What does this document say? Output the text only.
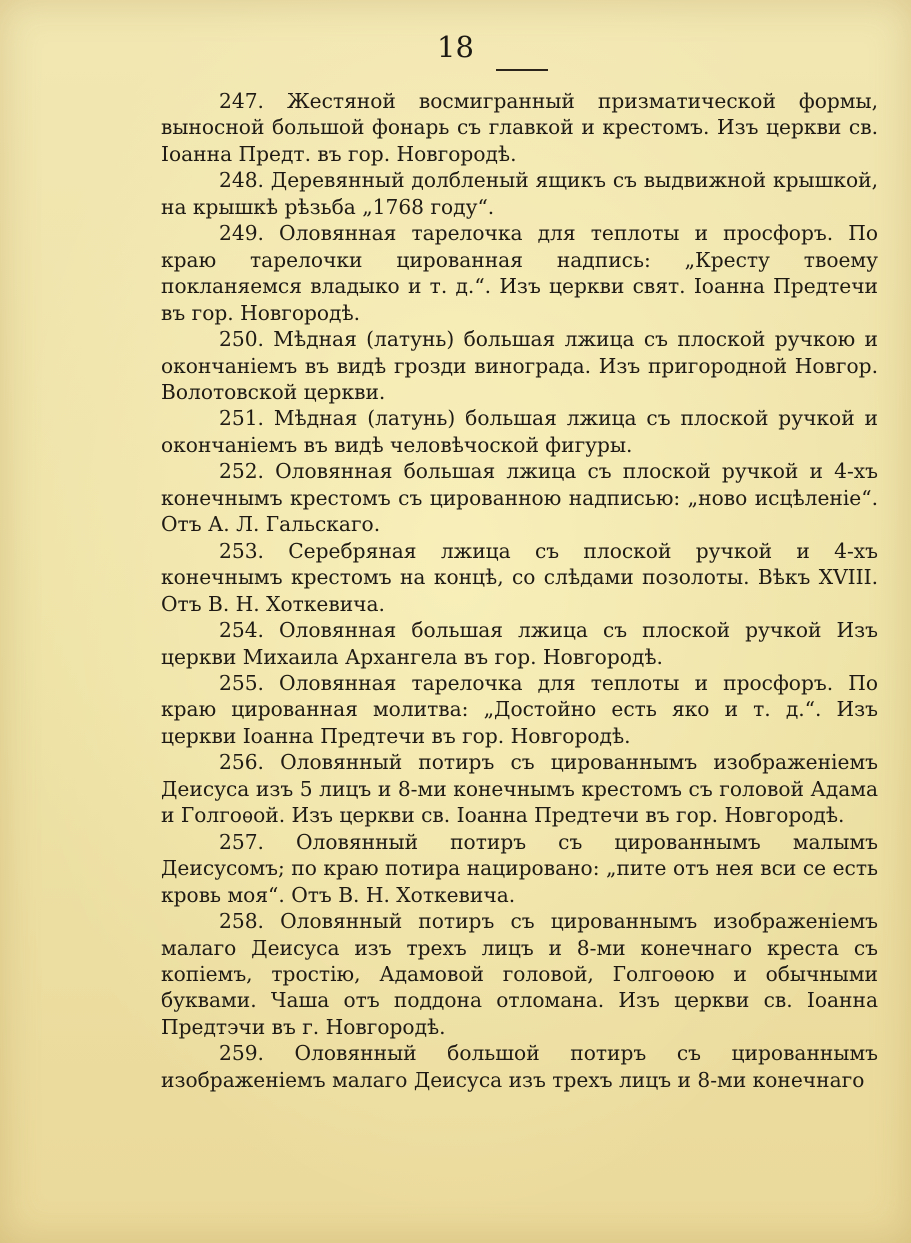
18

247. Жестяной восмигранный призматической формы, выносной большой фонарь съ главкой и крестомъ. Изъ церкви св. Іоанна Предт. въ гор. Новгородѣ.

248. Деревянный долбленый ящикъ съ выдвижной крышкой, на крышкѣ рѣзьба „1768 году“.

249. Оловянная тарелочка для теплоты и просфоръ. По краю тарелочки цированная надпись: „Кресту твоему покланяемся владыко и т. д.“. Изъ церкви свят. Іоанна Предтечи въ гор. Новгородѣ.

250. Мѣдная (латунь) большая лжица съ плоской ручкою и окончаніемъ въ видѣ грозди винограда. Изъ пригородной Новгор. Волотовской церкви.

251. Мѣдная (латунь) большая лжица съ плоской ручкой и окончаніемъ въ видѣ человѣчоской фигуры.

252. Оловянная большая лжица съ плоской ручкой и 4-хъ конечнымъ крестомъ съ цированною надписью: „ново исцѣленіе“. Отъ А. Л. Гальскаго.

253. Серебряная лжица съ плоской ручкой и 4-хъ конечнымъ крестомъ на концѣ, со слѣдами позолоты. Вѣкъ XVIII. Отъ В. Н. Хоткевича.

254. Оловянная большая лжица съ плоской ручкой Изъ церкви Михаила Архангела въ гор. Новгородѣ.

255. Оловянная тарелочка для теплоты и просфоръ. По краю цированная молитва: „Достойно есть яко и т. д.“. Изъ церкви Іоанна Предтечи въ гор. Новгородѣ.

256. Оловянный потиръ съ цированнымъ изображеніемъ Деисуса изъ 5 лицъ и 8-ми конечнымъ крестомъ съ головой Адама и Голгоѳой. Изъ церкви св. Іоанна Предтечи въ гор. Новгородѣ.

257. Оловянный потиръ съ цированнымъ малымъ Деисусомъ; по краю потира нацировано: „пите отъ нея вси се есть кровь моя“. Отъ В. Н. Хоткевича.

258. Оловянный потиръ съ цированнымъ изображеніемъ малаго Деисуса изъ трехъ лицъ и 8-ми конечнаго креста съ копіемъ, тростію, Адамовой головой, Голгоѳою и обычными буквами. Чаша отъ поддона отломана. Изъ церкви св. Іоанна Предтэчи въ г. Новгородѣ.

259. Оловянный большой потиръ съ цированнымъ изображеніемъ малаго Деисуса изъ трехъ лицъ и 8-ми конечнаго
